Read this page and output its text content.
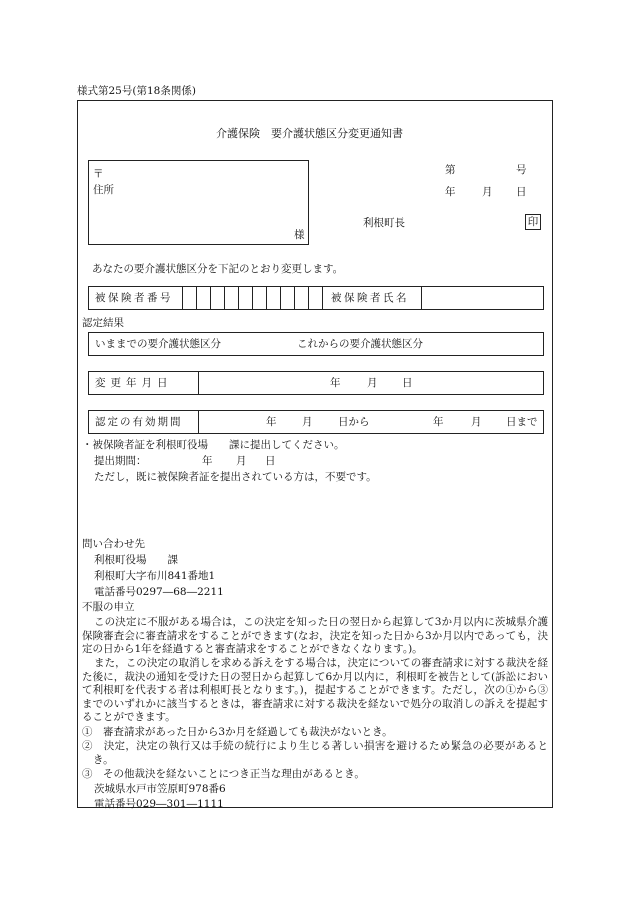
様式第25号(第18条関係)
介護保険　要介護状態区分変更通知書
〒
住所
様
第	号
年	月 日
利根町長	印
あなたの要介護状態区分を下記のとおり変更します。
被保険者番号	被保険者氏名
認定結果
いままでの要介護状態区分	これからの要介護状態区分
変更年月日	年	月 日
認定の有効期間	年 月 日から	年	月 日まで
・被保険者証を利根町役場　　課に提出してください。
提出期間：	年 月 日
ただし，既に被保険者証を提出されている方は，不要です。
問い合わせ先
利根町役場　　課
利根町大字布川841番地1
電話番号0297―68―2211
不服の申立
この決定に不服がある場合は，この決定を知った日の翌日から起算して3か月以内に茨城県介護保険審査会に審査請求をすることができます(なお，決定を知った日から3か月以内であっても，決定の日から1年を経過すると審査請求をすることができなくなります。)。
また，この決定の取消しを求める訴えをする場合は，決定についての審査請求に対する裁決を経た後に，裁決の通知を受けた日の翌日から起算して6か月以内に，利根町を被告として(訴訟において利根町を代表する者は利根町長となります。)，提起することができます。ただし，次の①から③までのいずれかに該当するときは，審査請求に対する裁決を経ないで処分の取消しの訴えを提起することができます。
①　審査請求があった日から3か月を経過しても裁決がないとき。
②　決定，決定の執行又は手続の続行により生じる著しい損害を避けるため緊急の必要があるとき。
③　その他裁決を経ないことにつき正当な理由があるとき。
茨城県水戸市笠原町978番6
電話番号029―301―1111
